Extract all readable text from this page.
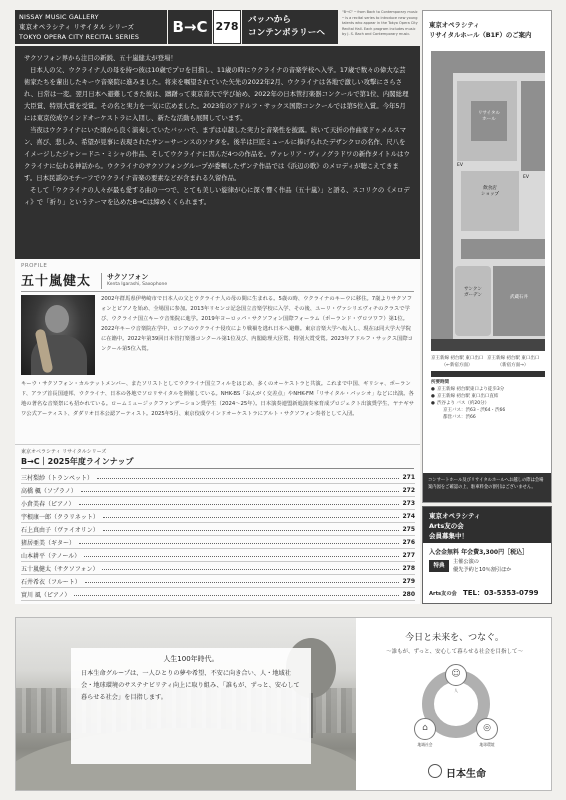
NISSAY MUSIC GALLERY
東京オペラシティ リサイタル シリーズ
TOKYO OPERA CITY RECITAL SERIES
B→C 278 バッハから
コンテンポラリーへ
"B→C" ─ from Bach to Contemporary music ─ is a recital series to introduce new young talents who appear in the Tokyo Opera City Recital Hall. Each program includes music by J. S. Bach and Contemporary music.

サクソフォン界から注目の新鋭、五十嵐健太が登場！

日本人の父、ウクライナ人の母を持つ彼は10歳でプロを目指し、11歳の時にウクライナの音楽学校へ入学。17歳で数々の偉大な芸術家たちを輩出したキーウ音楽院に進みました。将来を嘱望されていた矢先の2022年2月、ウクライナは各地で激しい攻撃にさらされ、日常は一変。翌月日本へ避難してきた彼は、躊躇って東京音大で学び始め、2022年の日本管打楽器コンクールで第1位、内閣総理大臣賞、特別大賞を受賞。その名と実力を一気に広めました。2023年のアドルフ・サックス国際コンクールでは第5位入賞。今年5月には東京佼成ウインドオーケストラに入団し、新たな活動も展開しています。

当夜はウクライナにいた頃から良く演奏していたバッハで、まずは卓越した実力と音楽性を披露。続いて天折の作曲家ドゥメルスマン、喜び、悲しみ、希望が見事に表現されたサン＝サーンスのソナタを。後半は巨匠ミュールに捧げられたデザンクロの名作、尺八をイメージしたジャン＝ドニ・ミシャの作品、そしてウクライナに因んだ4つの作品を。ヴァレリア・ヴィノグラドワの新作タイトルはウクライナに伝わる神話から。ウクライナのサクソフォングループが委嘱したザンテ作品では《浜辺の歌》のメロディが聴こえてきます。日本民謡のモチーフでウクライナ音楽の要素などが含まれる久留作品。

そして「ウクライナの人々が最も愛する曲の一つで、とても美しい旋律が心に深く響く作品（五十嵐）」と語る、スコリクの《メロディ》で「祈り」というテーマを込めたB→Cは締めくくられます。

PROFILE
五十嵐健太 サクソフォン
Kenta Igarashi, Saxophone
2002年群馬県伊勢崎市で日本人の父とウクライナ人の母の間に生まれる。5歳の時、ウクライナのキーウに移住。7歳よりサクソフォンとピアノを始め、全場国に参加。2013年リセンコ記念国立音楽学校に入学、その後、ユーリ・ヴァシリエヴィチのクラスで学び、ウクライナ国立キーウ音楽院に進学。2019年ヨーロッパ・サクソフォン国際フォーラム（ポーランド・ヴロツワフ）第1位。2022年キーウ音楽院在学中、ロシアのウクライナ侵攻により戦禍を逃れ日本へ避難。東京音楽大学へ転入し、現在は同大学大学院に在籍中。2022年第39回日本管打楽器コンクール第1位及び、内閣総理大臣賞、特別大賞受賞。2023年アドルフ・サックス国際コンクール第5位入賞。
キーウ・サクソフォン・カルテットメンバー、またソリストとしてウクライナ国立フィルをはじめ、多くのオーケストラと共演。これまで中国、ギリシャ、ポーランド、アラブ首長国連邦、ウクライナ、日本の各地でソロリサイタルを開催している。NHK-BS「おんがく交差点」やNHK-FM「リサイタル・パッシオ」などに出演。各地の著名な音楽祭にも招かれている。ロームミュージックファンデーション奨学生（2024〜25年）。日本演奏連盟新進演奏家育成プロジェクト出演奨学生、ヤナギサワ公式アーティスト、ダダリオ日本公認アーティスト。2025年5月、東京佼成ウインドオーケストラにアルト・サクソフォン奏者として入団。
東京オペラシティ リサイタルシリーズ
B→C｜2025年度ラインナップ
三村梨紗（トランペット）	271
高橋 楓（ソプラノ）	272
小倉美春（ピアノ）	273
宇根康一郎（クラリネット）	274
石上真由子（ヴァイオリン）	275
猪居亜美（ギター）	276
山本耕平（テノール）	277
五十嵐健太（サクソフォン）	278
石井希衣（フルート）	279
實川 風（ピアノ）	280
東京オペラシティ
リサイタルホール（B1F）のご案内
リサイタル
ホール
飲食店
ショップ
EV
EV
サンクン
ガーデン	武蔵石井
京王新線 初台駅 東口出口
（←新宿方面）
京王新線 初台駅 東口出口
（新宿方面→）
所要時間
● 京王新線 初台駅東口より徒歩3分
● 京王新線 初台駅 東口出口直結
● 渋谷より バス（約20分）
京王バス：渋63・渋64・渋66
都営バス：渋66
コンサートホール及びリサイタルホールへお越しの際は会場案内図をご確認の上、駐車料金の割引はございません。
東京オペラシティ
Arts友の会
会員募集中！
入会金無料 年会費3,300円［税込］
特典
主催公演の
優先予約と10％割引ほか
Arts友の会 TEL：03-5353-0799
人生100年時代。
日本生命グループは、一人ひとりの夢や希望、不安に向き合い、人・地域社会・地球環境のサステナビリティ向上に取り組み、「誰もが、ずっと、安心して暮らせる社会」を目指します。
今日と未来を、つなぐ。
〜誰もが、ずっと、安心して暮らせる社会を目指して〜
☺
人
⌂
地域社会
◎
地球環境
日本生命
